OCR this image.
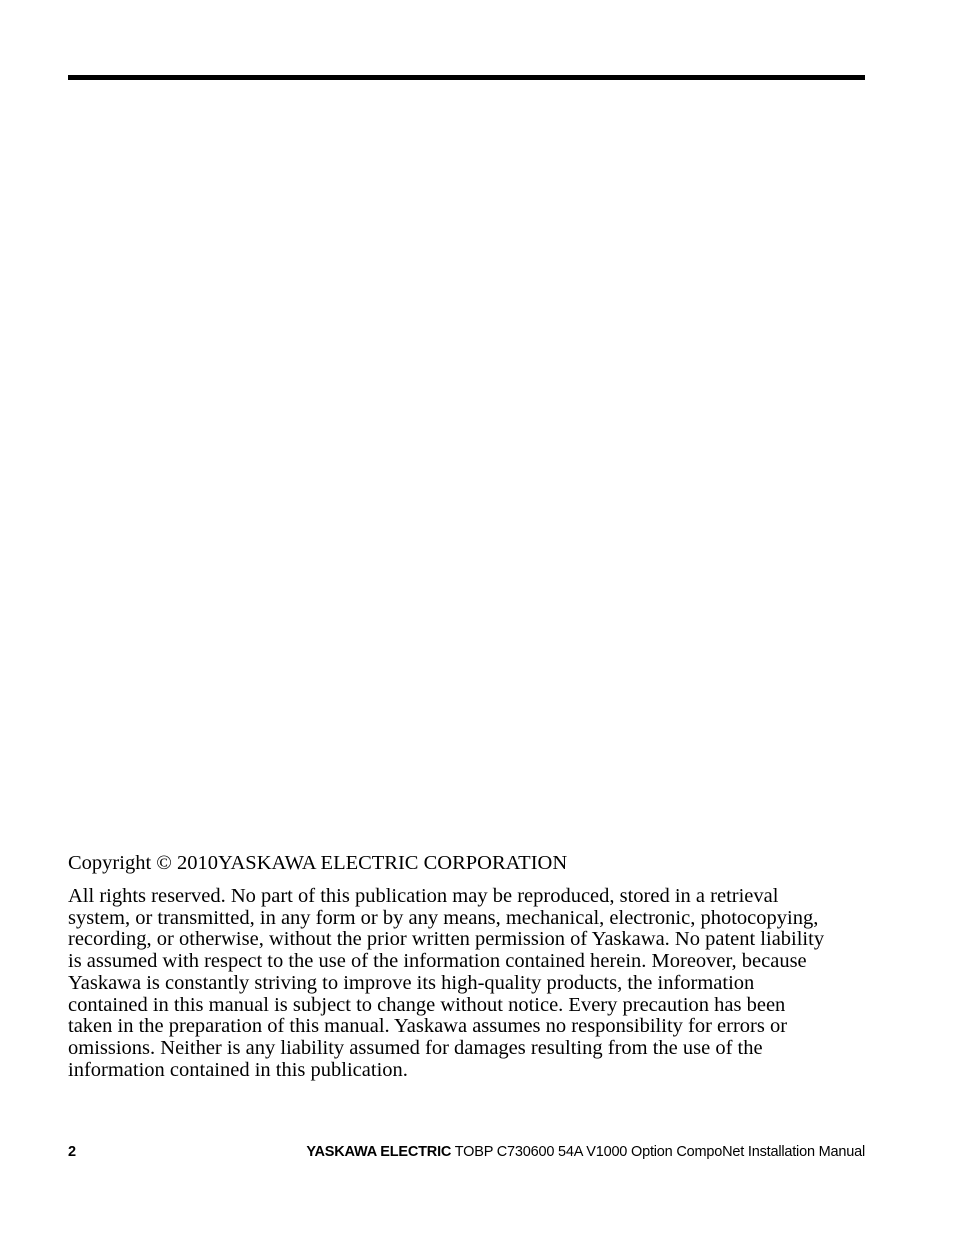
Copyright © 2010YASKAWA ELECTRIC CORPORATION

All rights reserved. No part of this publication may be reproduced, stored in a retrieval
system, or transmitted, in any form or by any means, mechanical, electronic, photocopying,
recording, or otherwise, without the prior written permission of Yaskawa. No patent liability
is assumed with respect to the use of the information contained herein. Moreover, because
Yaskawa is constantly striving to improve its high-quality products, the information
contained in this manual is subject to change without notice. Every precaution has been
taken in the preparation of this manual. Yaskawa assumes no responsibility for errors or
omissions. Neither is any liability assumed for damages resulting from the use of the
information contained in this publication.

2	YASKAWA ELECTRIC TOBP C730600 54A V1000 Option CompoNet Installation Manual
